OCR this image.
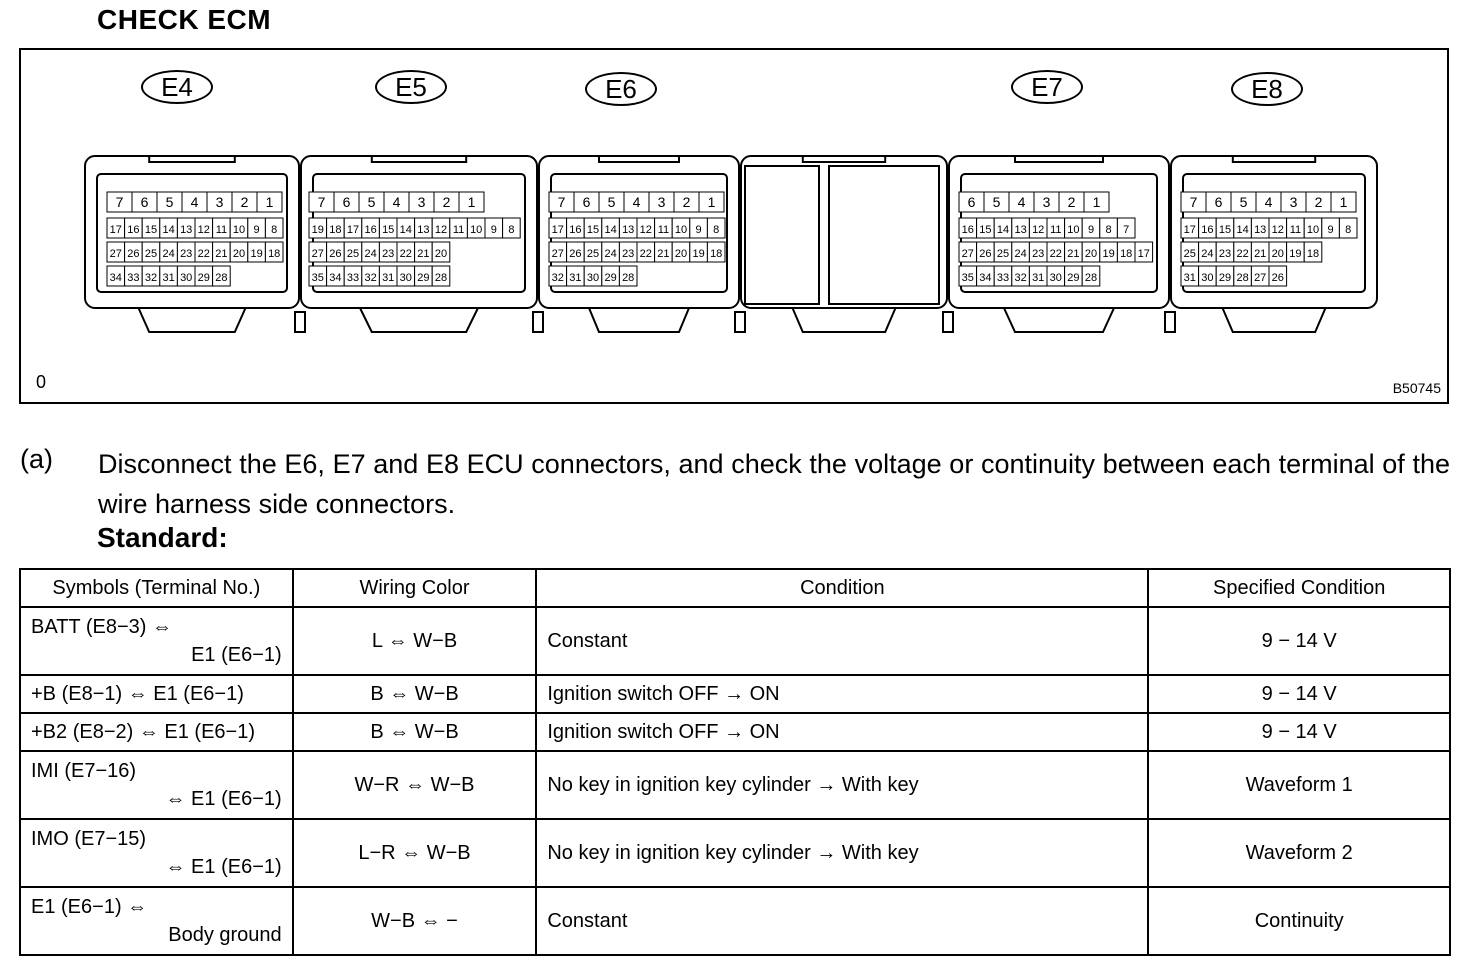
CHECK ECM
7 6 5 4 3 2 1
17 16 15 14 13 12 11 10 9 8
27 26 25 24 23 22 21 20 19 18
34 33 32 31 30 29 28
7 6 5 4 3 2 1
19 18 17 16 15 14 13 12 11 10 9 8
27 26 25 24 23 22 21 20
35 34 33 32 31 30 29 28
7 6 5 4 3 2 1
17 16 15 14 13 12 11 10 9 8
27 26 25 24 23 22 21 20 19 18
32 31 30 29 28
6 5 4 3 2 1
16 15 14 13 12 11 10 9 8 7
27 26 25 24 23 22 21 20 19 18 17
35 34 33 32 31 30 29 28
7 6 5 4 3 2 1
17 16 15 14 13 12 11 10 9 8
25 24 23 22 21 20 19 18
31 30 29 28 27 26
E4	E5	E6	E7	E8
0	B50745
(a) Disconnect the E6, E7 and E8 ECU connectors, and check the voltage or continuity between each terminal of the wire harness side connectors.
Standard:
Symbols (Terminal No.)	Wiring Color	Condition	Specified Condition

BATT (E8−3) ⇔
E1 (E6−1)	L ⇔ W−B	Constant	9 − 14 V

+B (E8−1) ⇔ E1 (E6−1)	B ⇔ W−B	Ignition switch OFF → ON	9 − 14 V

+B2 (E8−2) ⇔ E1 (E6−1)	B ⇔ W−B	Ignition switch OFF → ON	9 − 14 V

IMI (E7−16)
⇔ E1 (E6−1)	W−R ⇔ W−B	No key in ignition key cylinder → With key	Waveform 1

IMO (E7−15)
⇔ E1 (E6−1)	L−R ⇔ W−B	No key in ignition key cylinder → With key	Waveform 2

E1 (E6−1) ⇔
Body ground	W−B ⇔ −	Constant	Continuity
